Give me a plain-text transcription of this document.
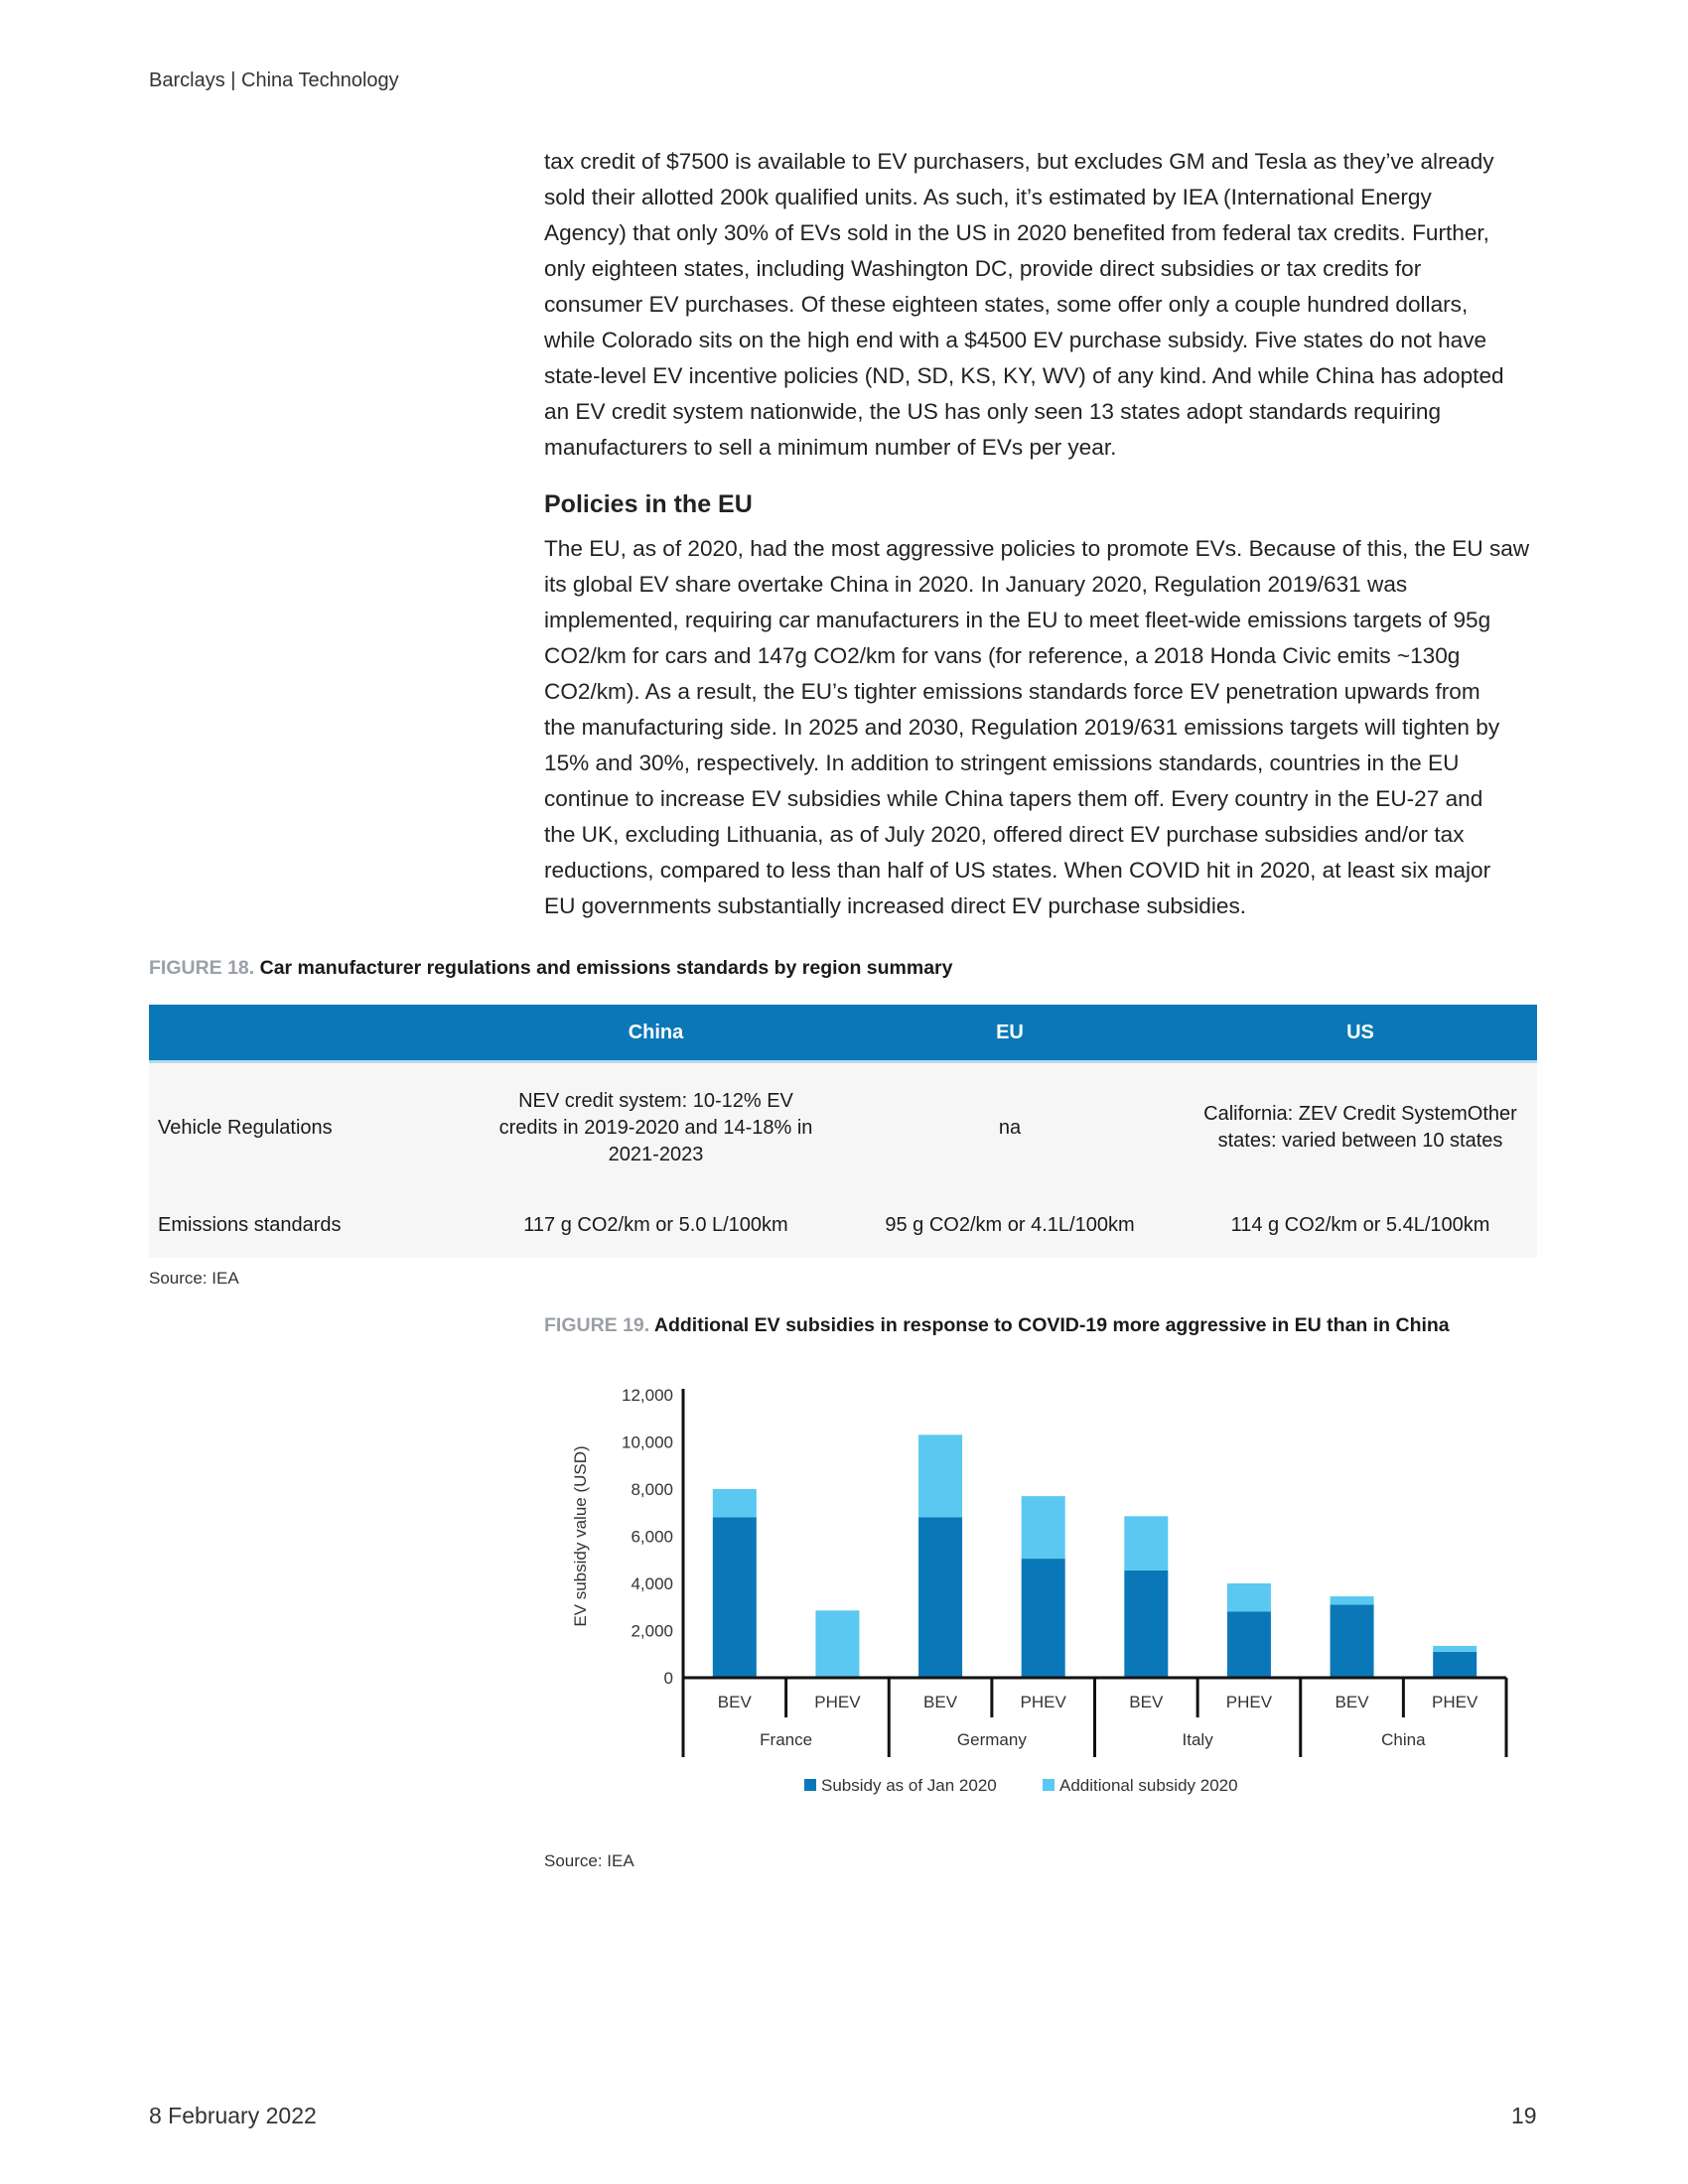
Barclays | China Technology

tax credit of $7500 is available to EV purchasers, but excludes GM and Tesla as they’ve already
sold their allotted 200k qualified units. As such, it’s estimated by IEA (International Energy
Agency) that only 30% of EVs sold in the US in 2020 benefited from federal tax credits. Further,
only eighteen states, including Washington DC, provide direct subsidies or tax credits for
consumer EV purchases. Of these eighteen states, some offer only a couple hundred dollars,
while Colorado sits on the high end with a $4500 EV purchase subsidy. Five states do not have
state-level EV incentive policies (ND, SD, KS, KY, WV) of any kind. And while China has adopted
an EV credit system nationwide, the US has only seen 13 states adopt standards requiring
manufacturers to sell a minimum number of EVs per year.

Policies in the EU

The EU, as of 2020, had the most aggressive policies to promote EVs. Because of this, the EU saw
its global EV share overtake China in 2020. In January 2020, Regulation 2019/631 was
implemented, requiring car manufacturers in the EU to meet fleet-wide emissions targets of 95g
CO2/km for cars and 147g CO2/km for vans (for reference, a 2018 Honda Civic emits ~130g
CO2/km). As a result, the EU’s tighter emissions standards force EV penetration upwards from
the manufacturing side. In 2025 and 2030, Regulation 2019/631 emissions targets will tighten by
15% and 30%, respectively. In addition to stringent emissions standards, countries in the EU
continue to increase EV subsidies while China tapers them off. Every country in the EU-27 and
the UK, excluding Lithuania, as of July 2020, offered direct EV purchase subsidies and/or tax
reductions, compared to less than half of US states. When COVID hit in 2020, at least six major
EU governments substantially increased direct EV purchase subsidies.

FIGURE 18. Car manufacturer regulations and emissions standards by region summary
	China	EU	US
Vehicle Regulations	NEV credit system: 10-12% EV credits in 2019-2020 and 14-18% in 2021-2023	na	California: ZEV Credit SystemOther states: varied between 10 states
Emissions standards	117 g CO2/km or 5.0 L/100km	95 g CO2/km or 4.1L/100km	114 g CO2/km or 5.4L/100km
Source: IEA
FIGURE 19. Additional EV subsidies in response to COVID-19 more aggressive in EU than in China
0
2,000
4,000
6,000
8,000
10,000
12,000
EV subsidy value (USD)
BEV	PHEV	BEV	PHEV	BEV	PHEV	BEV	PHEV
France	Germany	Italy	China
Subsidy as of Jan 2020	Additional subsidy 2020
Source: IEA
8 February 2022	19
